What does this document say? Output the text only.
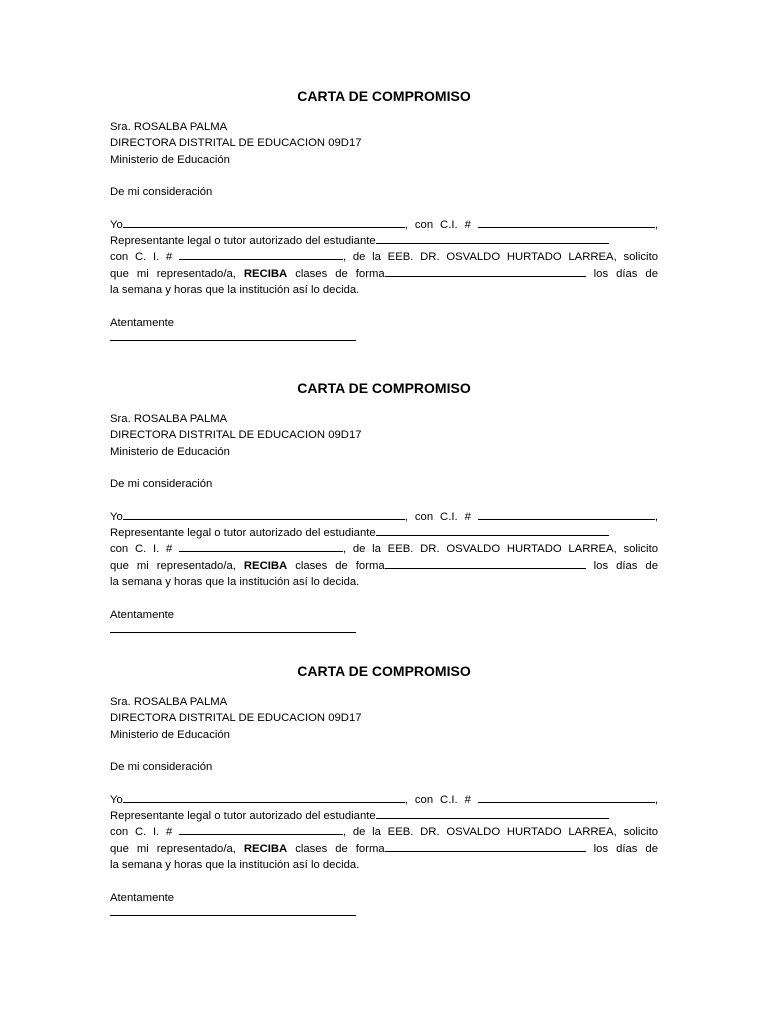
CARTA DE COMPROMISO
Sra. ROSALBA PALMA
DIRECTORA DISTRITAL DE EDUCACION 09D17
Ministerio de Educación
De mi consideración
Yo	, con C.I. #	,
Representante legal o tutor autorizado del estudiante
con C. I. #	, de la EEB. DR. OSVALDO HURTADO LARREA, solicito
que mi representado/a, RECIBA clases de forma	los días de
la semana y horas que la institución así lo decida.
Atentamente
CARTA DE COMPROMISO
Sra. ROSALBA PALMA
DIRECTORA DISTRITAL DE EDUCACION 09D17
Ministerio de Educación
De mi consideración
Yo	, con C.I. #	,
Representante legal o tutor autorizado del estudiante
con C. I. #	, de la EEB. DR. OSVALDO HURTADO LARREA, solicito
que mi representado/a, RECIBA clases de forma	los días de
la semana y horas que la institución así lo decida.
Atentamente
CARTA DE COMPROMISO
Sra. ROSALBA PALMA
DIRECTORA DISTRITAL DE EDUCACION 09D17
Ministerio de Educación
De mi consideración
Yo	, con C.I. #	,
Representante legal o tutor autorizado del estudiante
con C. I. #	, de la EEB. DR. OSVALDO HURTADO LARREA, solicito
que mi representado/a, RECIBA clases de forma	los días de
la semana y horas que la institución así lo decida.
Atentamente
